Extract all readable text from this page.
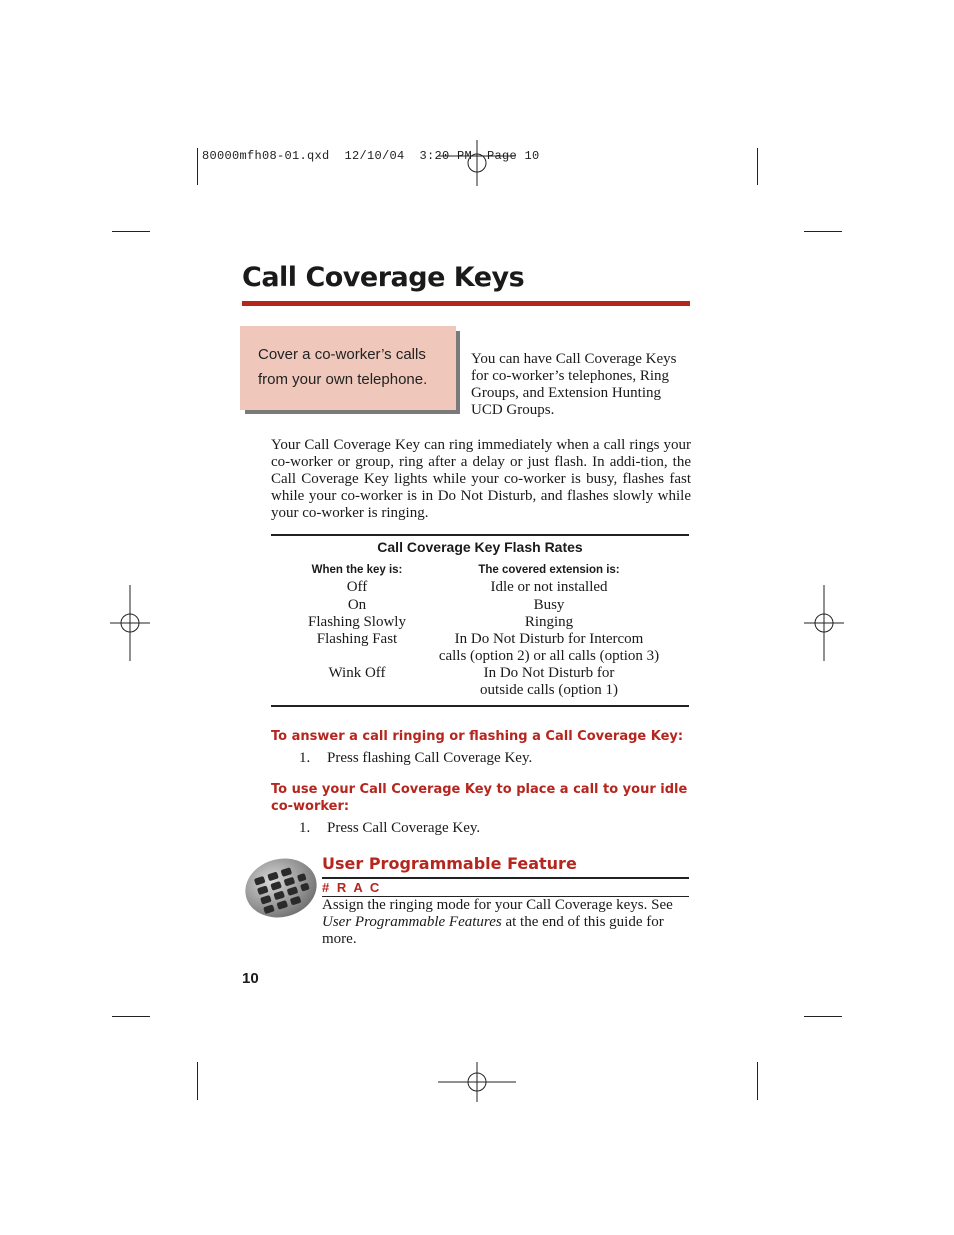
80000mfh08-01.qxd  12/10/04  3:20 PM  Page 10
Call Coverage Keys
Cover a co-worker’s calls
from your own telephone.
You can have Call Coverage Keys for co-worker’s telephones, Ring Groups, and Extension Hunting UCD Groups.
Your Call Coverage Key can ring immediately when a call rings your co-worker or group, ring after a delay or just flash. In addi-tion, the Call Coverage Key lights while your co-worker is busy, flashes fast while your co-worker is in Do Not Disturb, and flashes slowly while your co-worker is ringing.
Call Coverage Key Flash Rates
When the key is:	The covered extension is:
Off	Idle or not installed
On	Busy
Flashing Slowly	Ringing
Flashing Fast	In Do Not Disturb for Intercom
calls (option 2) or all calls (option 3)
Wink Off	In Do Not Disturb for
outside calls (option 1)
To answer a call ringing or flashing a Call Coverage Key:
1. Press flashing Call Coverage Key.
To use your Call Coverage Key to place a call to your idle co-worker:
1. Press Call Coverage Key.
User Programmable Feature
# R A C
Assign the ringing mode for your Call Coverage keys. See User Programmable Features at the end of this guide for more.
10
